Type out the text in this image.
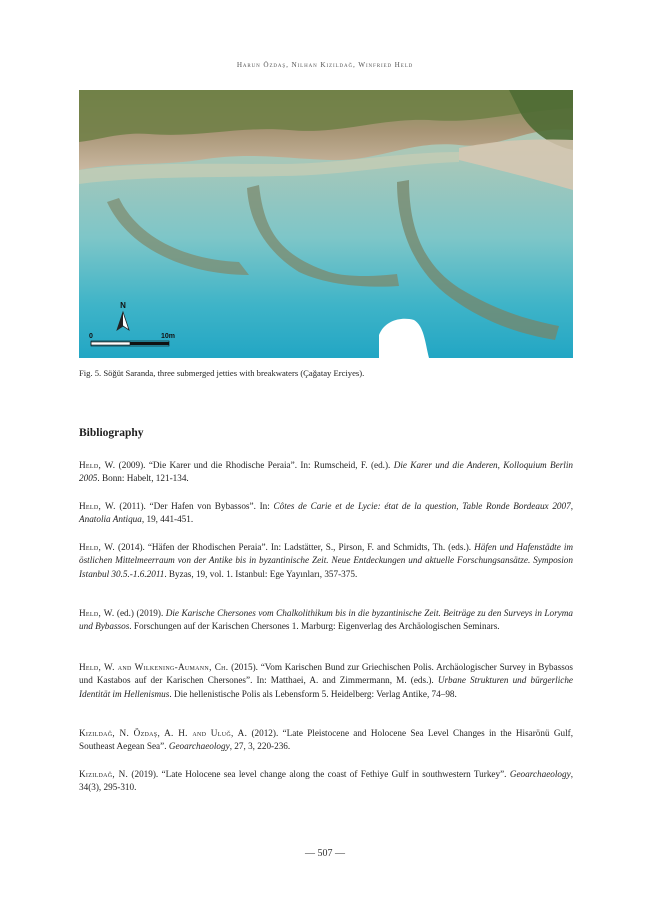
Harun Özdaş, Nilhan Kızıldağ, Winfried Held
N
0	10m
Fig. 5. Söğüt Saranda, three submerged jetties with breakwaters (Çağatay Erciyes).
Bibliography
Held, W. (2009). “Die Karer und die Rhodische Peraia”. In: Rumscheid, F. (ed.). Die Karer und die Anderen, Kolloquium Berlin 2005. Bonn: Habelt, 121-134.
Held, W. (2011). “Der Hafen von Bybassos”. In: Côtes de Carie et de Lycie: état de la question, Table Ronde Bordeaux 2007, Anatolia Antiqua, 19, 441-451.
Held, W. (2014). “Häfen der Rhodischen Peraia”. In: Ladstätter, S., Pirson, F. and Schmidts, Th. (eds.). Häfen und Hafenstädte im östlichen Mittelmeerraum von der Antike bis in byzantinische Zeit. Neue Entdeckungen und aktuelle Forschungsansätze. Symposion Istanbul 30.5.-1.6.2011. Byzas, 19, vol. 1. Istanbul: Ege Yayınları, 357-375.
Held, W. (ed.) (2019). Die Karische Chersones vom Chalkolithikum bis in die byzantinische Zeit. Beiträge zu den Surveys in Loryma und Bybassos. Forschungen auf der Karischen Chersones 1. Marburg: Eigenverlag des Archäologischen Seminars.
Held, W. and Wilkening-Aumann, Ch. (2015). “Vom Karischen Bund zur Griechischen Polis. Archäologischer Survey in Bybassos und Kastabos auf der Karischen Chersones”. In: Matthaei, A. and Zimmermann, M. (eds.). Urbane Strukturen und bürgerliche Identität im Hellenismus. Die hellenistische Polis als Lebensform 5. Heidelberg: Verlag Antike, 74–98.
Kızıldağ, N. Özdaş, A. H. and Uluğ, A. (2012). “Late Pleistocene and Holocene Sea Level Changes in the Hisarönü Gulf, Southeast Aegean Sea”. Geoarchaeology, 27, 3, 220-236.
Kızıldağ, N. (2019). “Late Holocene sea level change along the coast of Fethiye Gulf in southwestern Turkey”. Geoarchaeology, 34(3), 295-310.
— 507 —
